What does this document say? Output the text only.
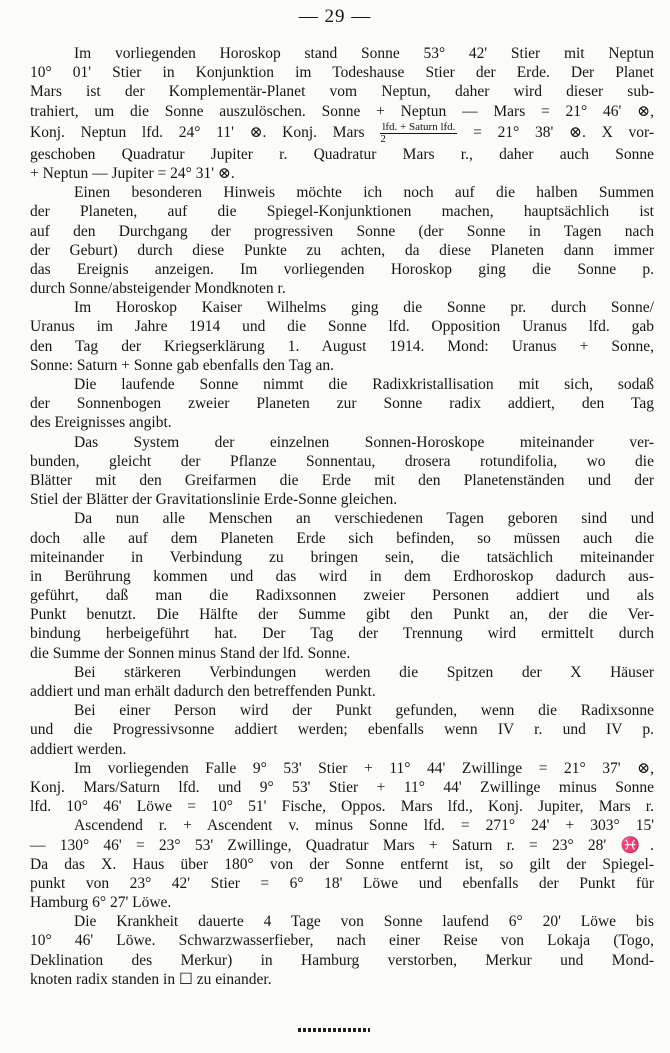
— 29 —
Im vorliegenden Horoskop stand Sonne 53° 42' Stier mit Neptun
10° 01' Stier in Konjunktion im Todeshause Stier der Erde. Der Planet
Mars ist der Komplementär-Planet vom Neptun, daher wird dieser sub-
trahiert, um die Sonne auszulöschen. Sonne + Neptun — Mars = 21° 46' ⊗,
Konj. Neptun lfd. 24° 11' ⊗. Konj. Mars $\frac{\text{lfd. + Saturn lfd.}}{2} = 21^\circ$ 38' ⊗. X vor-
geschoben Quadratur Jupiter r. Quadratur Mars r., daher auch Sonne
+ Neptun — Jupiter = 24° 31' ⊗.
Einen besonderen Hinweis möchte ich noch auf die halben Summen
der Planeten, auf die Spiegel-Konjunktionen machen, hauptsächlich ist
auf den Durchgang der progressiven Sonne (der Sonne in Tagen nach
der Geburt) durch diese Punkte zu achten, da diese Planeten dann immer
das Ereignis anzeigen. Im vorliegenden Horoskop ging die Sonne p.
durch Sonne/absteigender Mondknoten r.
Im Horoskop Kaiser Wilhelms ging die Sonne pr. durch Sonne/
Uranus im Jahre 1914 und die Sonne lfd. Opposition Uranus lfd. gab
den Tag der Kriegserklärung 1. August 1914. Mond: Uranus + Sonne,
Sonne: Saturn + Sonne gab ebenfalls den Tag an.
Die laufende Sonne nimmt die Radixkristallisation mit sich, sodaß
der Sonnenbogen zweier Planeten zur Sonne radix addiert, den Tag
des Ereignisses angibt.
Das System der einzelnen Sonnen-Horoskope miteinander ver-
bunden, gleicht der Pflanze Sonnentau, drosera rotundifolia, wo die
Blätter mit den Greifarmen die Erde mit den Planetenständen und der
Stiel der Blätter der Gravitationslinie Erde-Sonne gleichen.
Da nun alle Menschen an verschiedenen Tagen geboren sind und
doch alle auf dem Planeten Erde sich befinden, so müssen auch die
miteinander in Verbindung zu bringen sein, die tatsächlich miteinander
in Berührung kommen und das wird in dem Erdhoroskop dadurch aus-
geführt, daß man die Radixsonnen zweier Personen addiert und als
Punkt benutzt. Die Hälfte der Summe gibt den Punkt an, der die Ver-
bindung herbeigeführt hat. Der Tag der Trennung wird ermittelt durch
die Summe der Sonnen minus Stand der lfd. Sonne.
Bei stärkeren Verbindungen werden die Spitzen der X Häuser
addiert und man erhält dadurch den betreffenden Punkt.
Bei einer Person wird der Punkt gefunden, wenn die Radixsonne
und die Progressivsonne addiert werden; ebenfalls wenn IV r. und IV p.
addiert werden.
Im vorliegenden Falle 9° 53' Stier + 11° 44' Zwillinge = 21° 37' ⊗,
Konj. Mars/Saturn lfd. und 9° 53' Stier + 11° 44' Zwillinge minus Sonne
lfd. 10° 46' Löwe = 10° 51' Fische, Oppos. Mars lfd., Konj. Jupiter, Mars r.
Ascendend r. + Ascendent v. minus Sonne lfd. = 271° 24' + 303° 15'
— 130° 46' = 23° 53' Zwillinge, Quadratur Mars + Saturn r. = 23° 28' ♓.
Da das X. Haus über 180° von der Sonne entfernt ist, so gilt der Spiegel-
punkt von 23° 42' Stier = 6° 18' Löwe und ebenfalls der Punkt für
Hamburg 6° 27' Löwe.
Die Krankheit dauerte 4 Tage von Sonne laufend 6° 20' Löwe bis
10° 46' Löwe. Schwarzwasserfieber, nach einer Reise von Lokaja (Togo,
Deklination des Merkur) in Hamburg verstorben, Merkur und Mond-
knoten radix standen in ☐ zu einander.
